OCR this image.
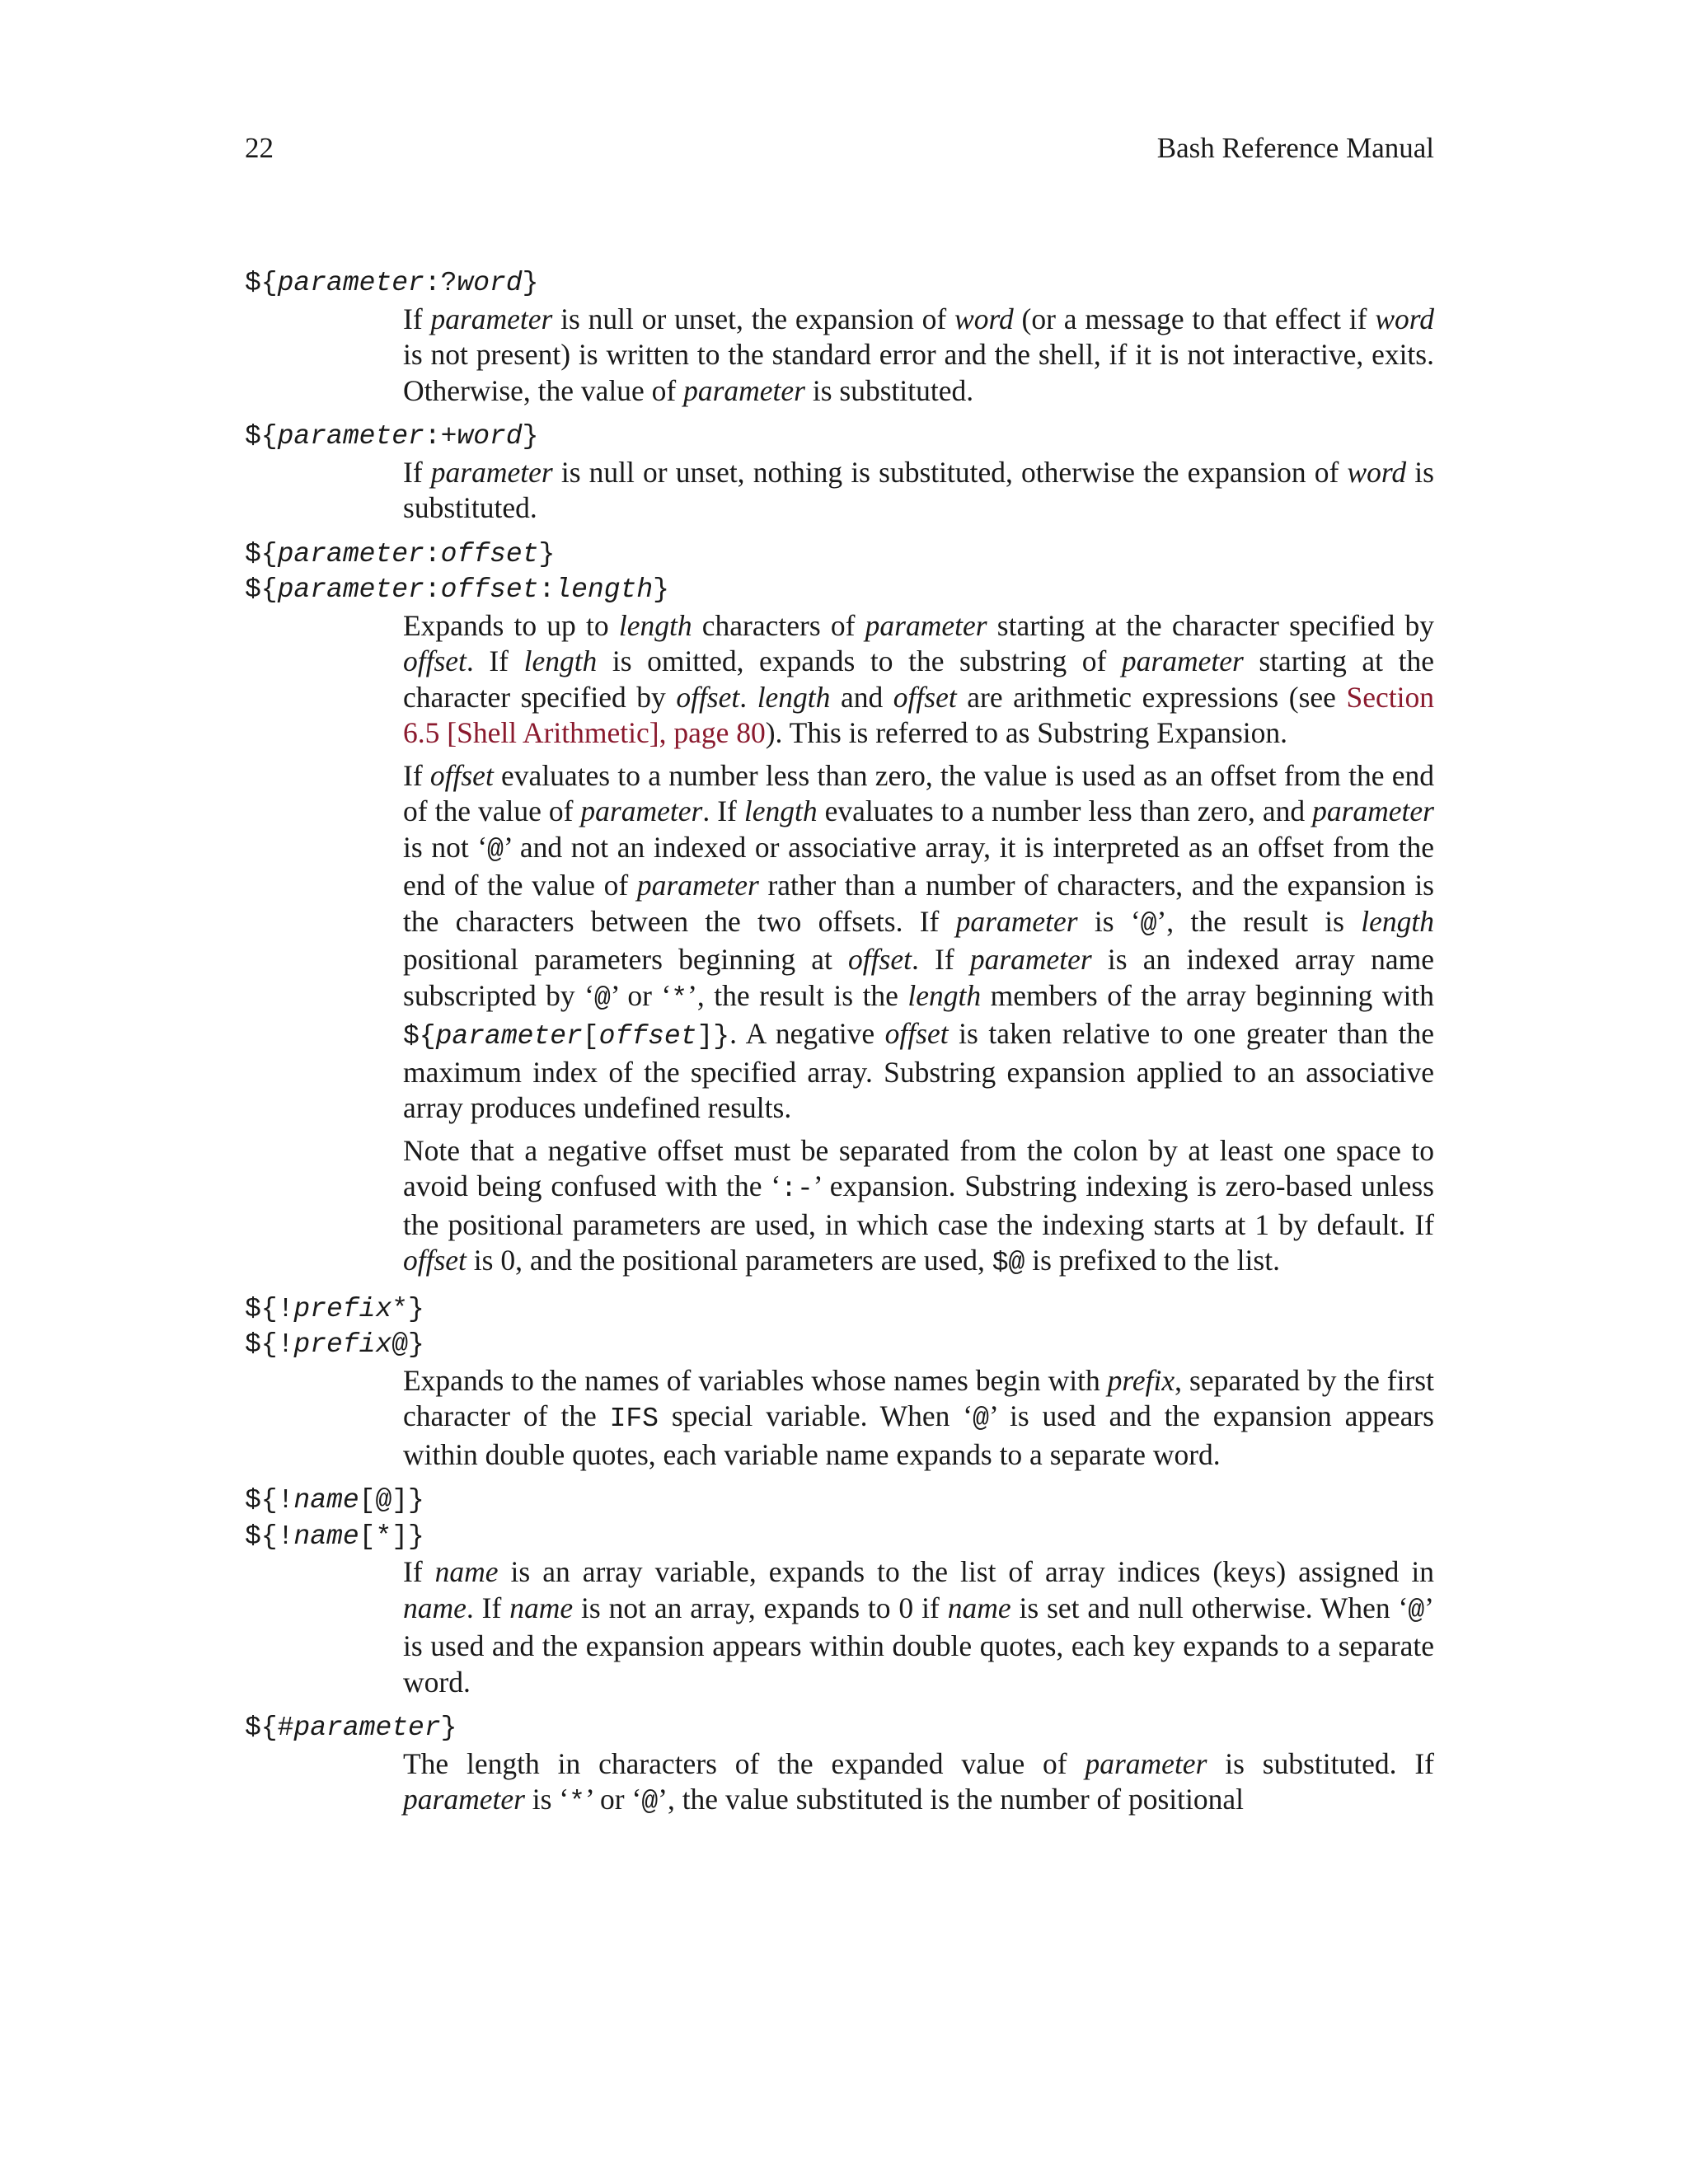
22	Bash Reference Manual
${parameter:?word}

If parameter is null or unset, the expansion of word (or a message to that effect if word is not present) is written to the standard error and the shell, if it is not interactive, exits. Otherwise, the value of parameter is substituted.

${parameter:+word}

If parameter is null or unset, nothing is substituted, otherwise the expansion of word is substituted.

${parameter:offset}
${parameter:offset:length}

Expands to up to length characters of parameter starting at the character specified by offset. If length is omitted, expands to the substring of parameter starting at the character specified by offset. length and offset are arithmetic expressions (see Section 6.5 [Shell Arithmetic], page 80). This is referred to as Substring Expansion.

If offset evaluates to a number less than zero, the value is used as an offset from the end of the value of parameter. If length evaluates to a number less than zero, and parameter is not ‘@’ and not an indexed or associative array, it is interpreted as an offset from the end of the value of parameter rather than a number of characters, and the expansion is the characters between the two offsets. If parameter is ‘@’, the result is length positional parameters beginning at offset. If parameter is an indexed array name subscripted by ‘@’ or ‘*’, the result is the length members of the array beginning with ${parameter[offset]}. A negative offset is taken relative to one greater than the maximum index of the specified array. Substring expansion applied to an associative array produces undefined results.

Note that a negative offset must be separated from the colon by at least one space to avoid being confused with the ‘:-’ expansion. Substring indexing is zero-based unless the positional parameters are used, in which case the indexing starts at 1 by default. If offset is 0, and the positional parameters are used, $@ is prefixed to the list.

${!prefix*}
${!prefix@}

Expands to the names of variables whose names begin with prefix, separated by the first character of the IFS special variable. When ‘@’ is used and the expansion appears within double quotes, each variable name expands to a separate word.

${!name[@]}
${!name[*]}

If name is an array variable, expands to the list of array indices (keys) assigned in name. If name is not an array, expands to 0 if name is set and null otherwise. When ‘@’ is used and the expansion appears within double quotes, each key expands to a separate word.

${#parameter}

The length in characters of the expanded value of parameter is substituted. If parameter is ‘*’ or ‘@’, the value substituted is the number of positional
